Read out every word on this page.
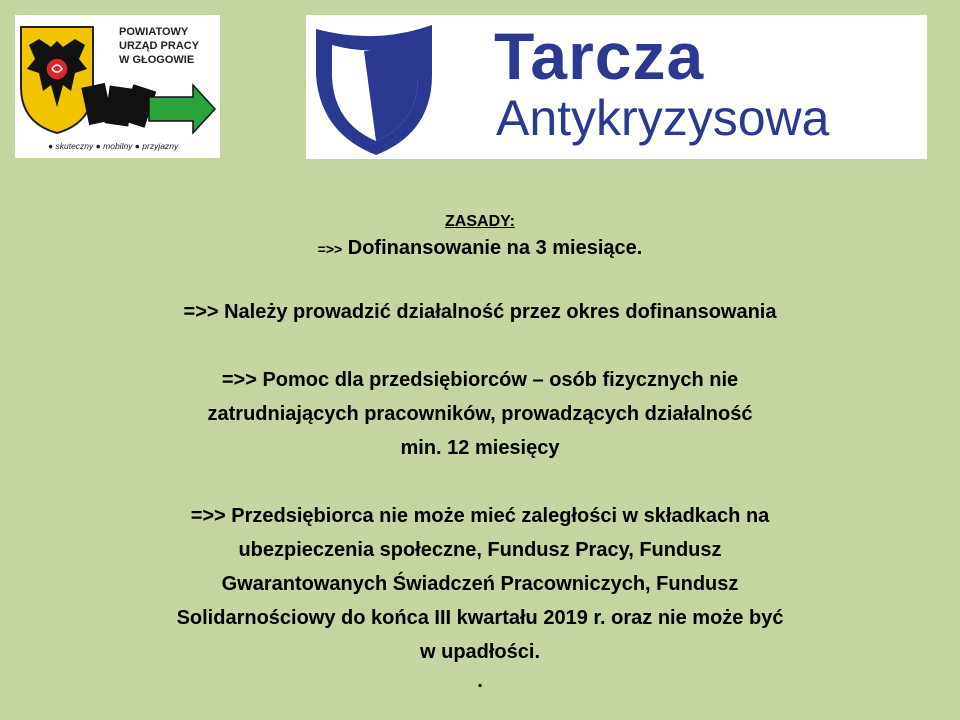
POWIATOWY
URZĄD PRACY
W GŁOGOWIE
● skuteczny ● mobilny ● przyjazny
Tarcza
Antykryzysowa
ZASADY:
=>> Dofinansowanie na 3 miesiące.
=>> Należy prowadzić działalność przez okres dofinansowania
=>> Pomoc dla przedsiębiorców – osób fizycznych nie
zatrudniających pracowników, prowadzących działalność
min. 12 miesięcy
=>> Przedsiębiorca nie może mieć zaległości w składkach na
ubezpieczenia społeczne, Fundusz Pracy, Fundusz
Gwarantowanych Świadczeń Pracowniczych, Fundusz
Solidarnościowy do końca III kwartału 2019 r. oraz nie może być
w upadłości.
.
